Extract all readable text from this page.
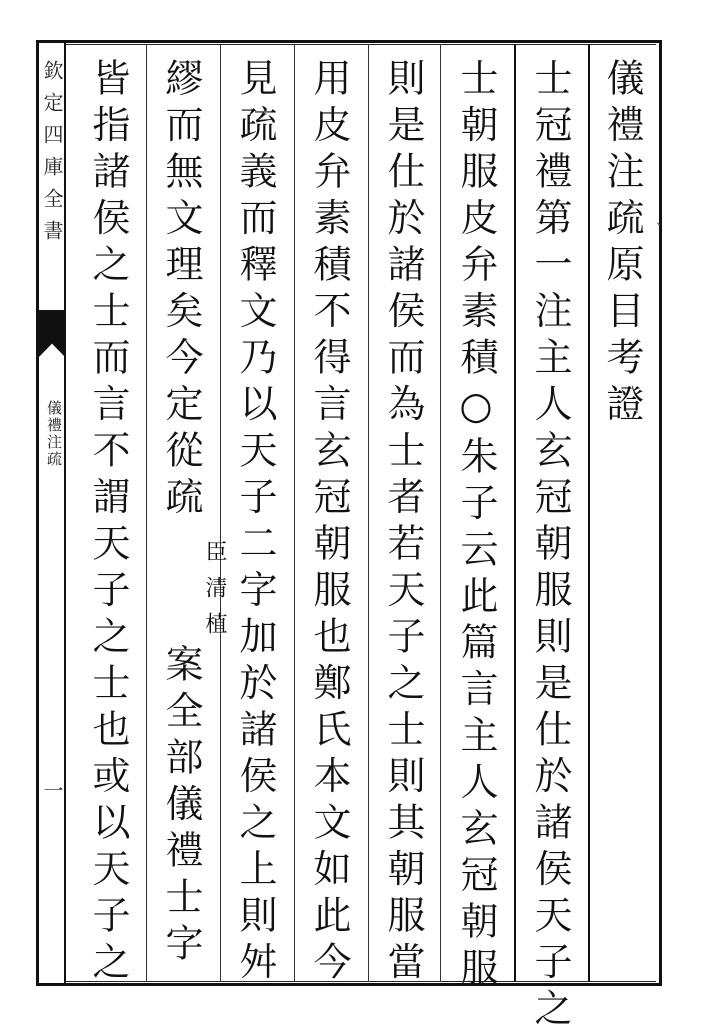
欽定四庫全書
儀禮注疏
一
、
儀禮注疏原目考證
士冠禮第一注主人玄冠朝服則是仕於諸侯天子之
士朝服皮弁素積○朱子云此篇言主人玄冠朝服
則是仕於諸侯而為士者若天子之士則其朝服當
用皮弁素積不得言玄冠朝服也鄭氏本文如此今
見疏義而釋文乃以天子二字加於諸侯之上則舛
繆而無文理矣今定從疏
臣清植
案全部儀禮士字
皆指諸侯之士而言不謂天子之士也或以天子之
